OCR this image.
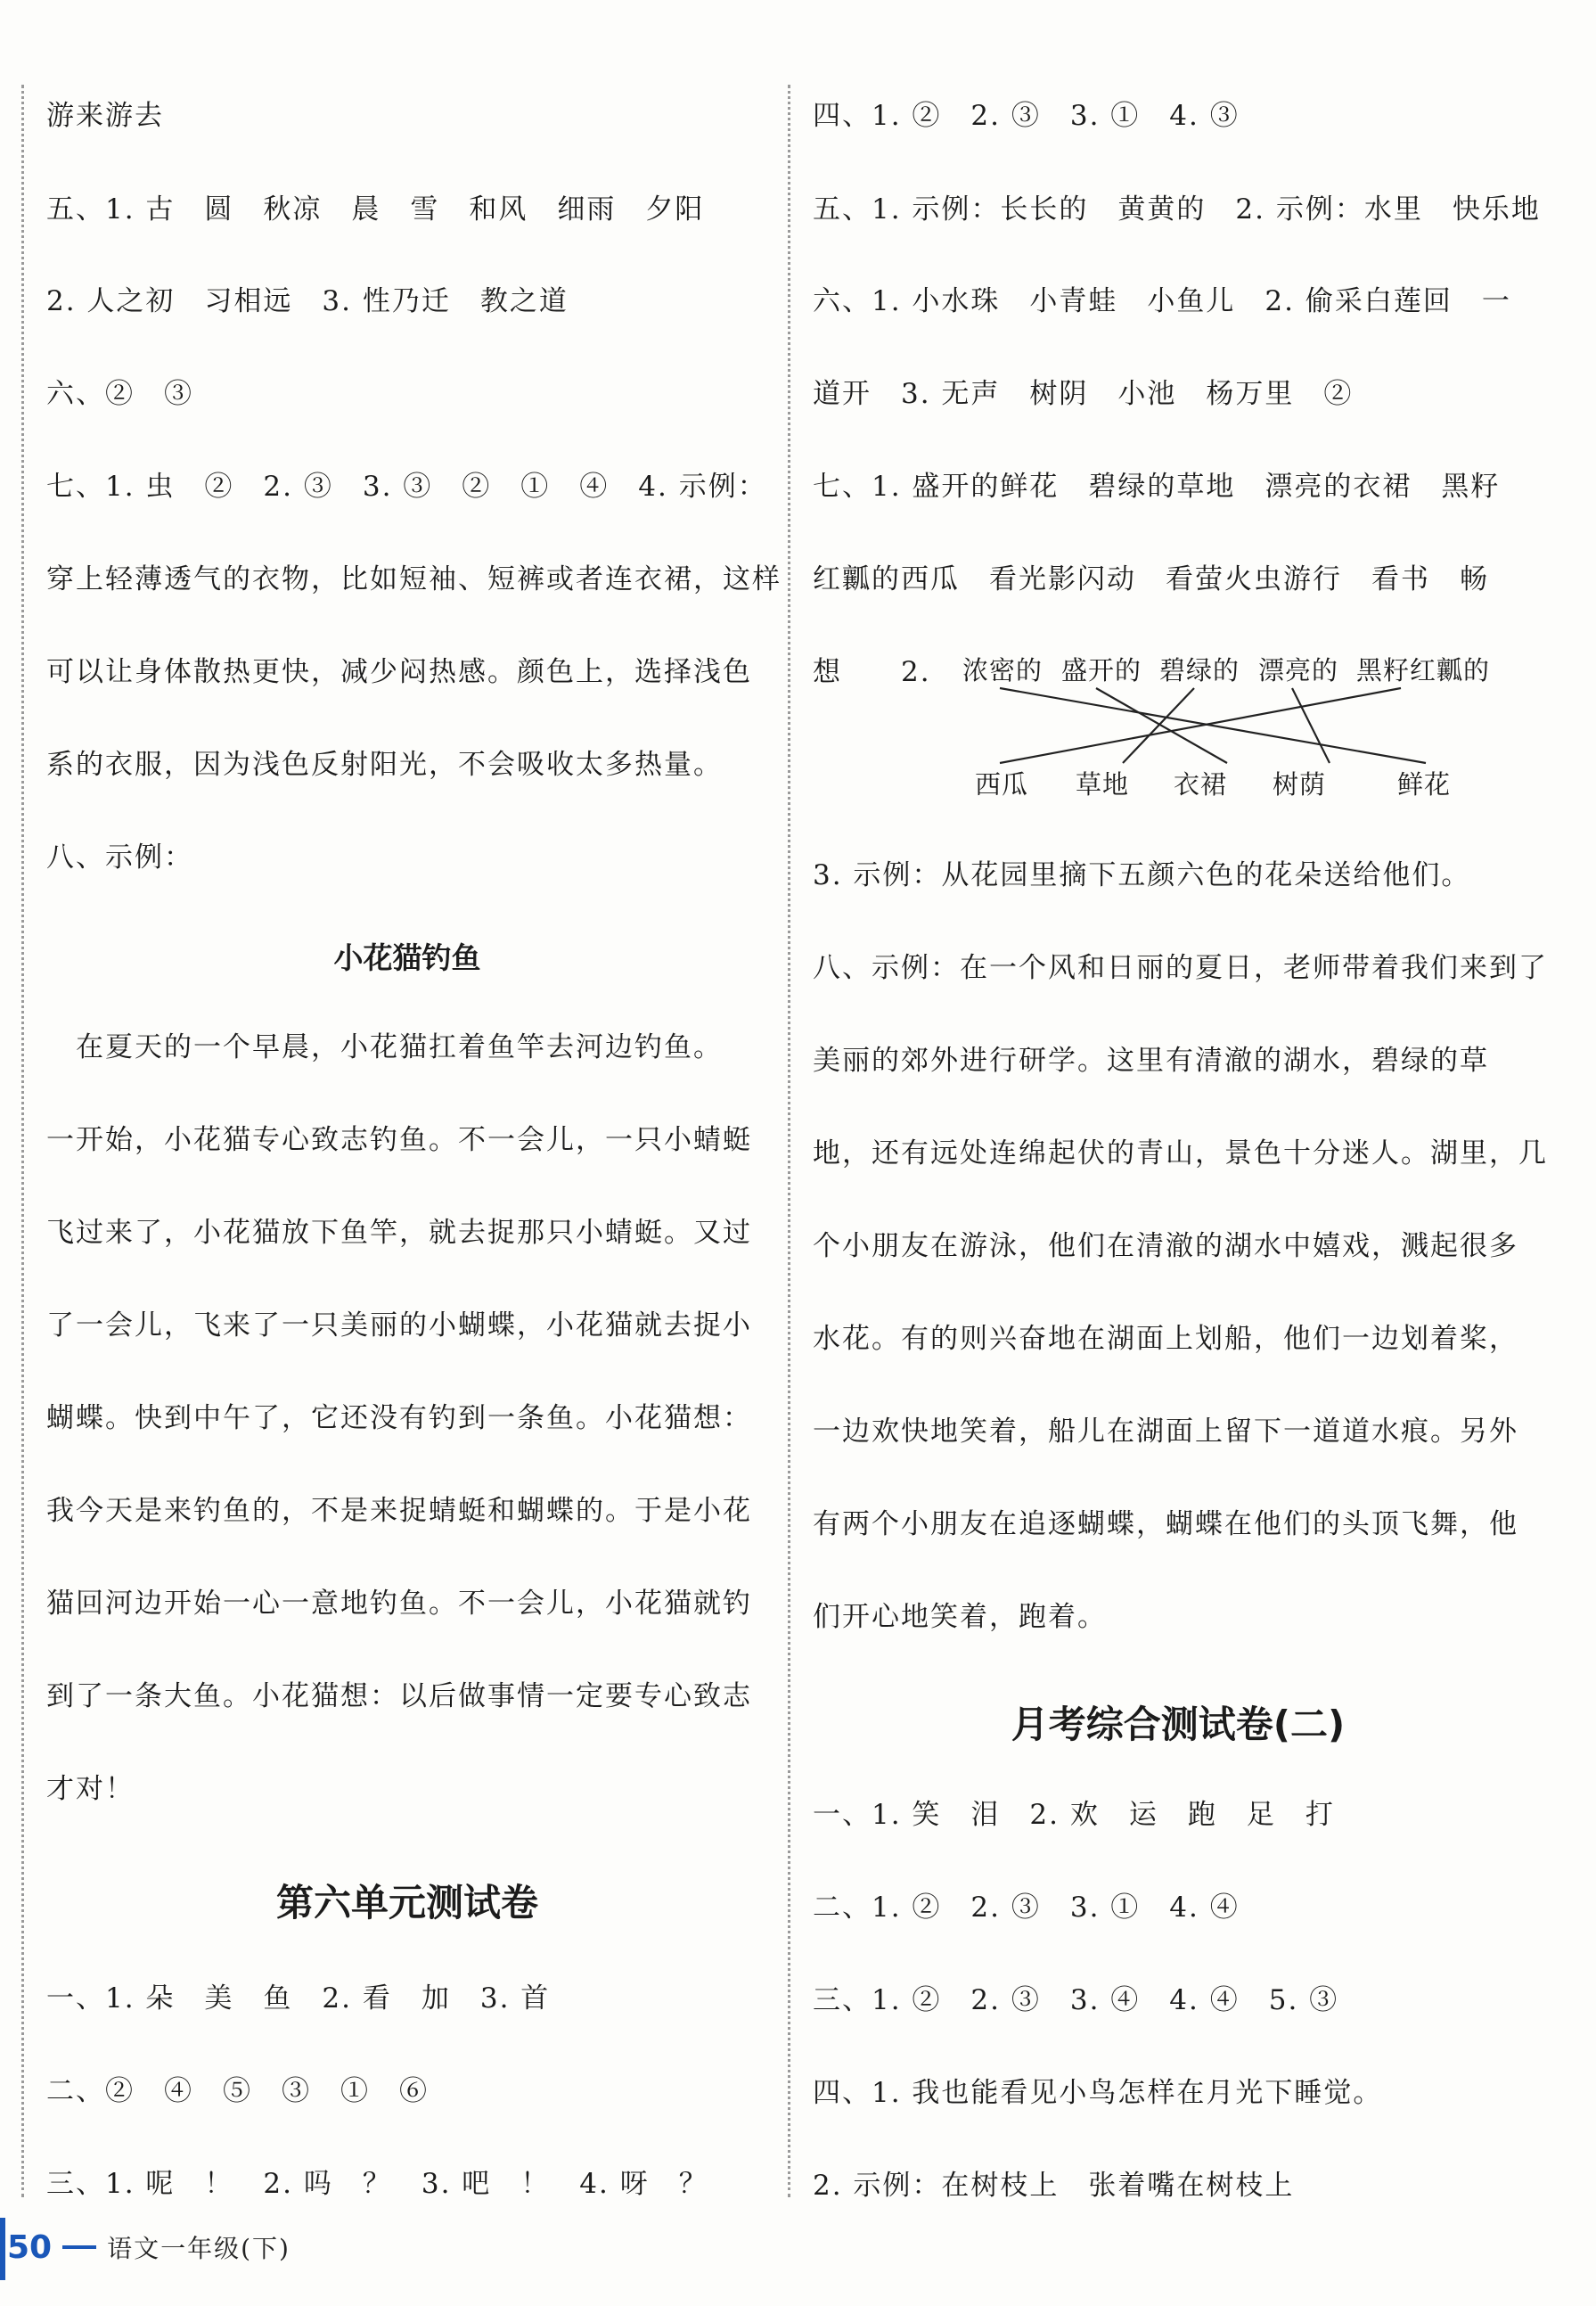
游来游去
五、1. 古　圆　秋凉　晨　雪　和风　细雨　夕阳
2. 人之初　习相远　3. 性乃迁　教之道
六、②　③
七、1. 虫　②　2. ③　3. ③　②　①　④　4. 示例：
穿上轻薄透气的衣物，比如短袖、短裤或者连衣裙，这样
可以让身体散热更快，减少闷热感。颜色上，选择浅色
系的衣服，因为浅色反射阳光，不会吸收太多热量。
八、示例：
小花猫钓鱼
　在夏天的一个早晨，小花猫扛着鱼竿去河边钓鱼。
一开始，小花猫专心致志钓鱼。不一会儿，一只小蜻蜓
飞过来了，小花猫放下鱼竿，就去捉那只小蜻蜓。又过
了一会儿，飞来了一只美丽的小蝴蝶，小花猫就去捉小
蝴蝶。快到中午了，它还没有钓到一条鱼。小花猫想：
我今天是来钓鱼的，不是来捉蜻蜓和蝴蝶的。于是小花
猫回河边开始一心一意地钓鱼。不一会儿，小花猫就钓
到了一条大鱼。小花猫想：以后做事情一定要专心致志
才对！
第六单元测试卷
一、1. 朵　美　鱼　2. 看　加　3. 首
二、②　④　⑤　③　①　⑥
三、1. 呢　！　2. 吗　？　3. 吧　！　4. 呀　？
四、1. ②　2. ③　3. ①　4. ③
五、1. 示例：长长的　黄黄的　2. 示例：水里　快乐地
六、1. 小水珠　小青蛙　小鱼儿　2. 偷采白莲回　一
道开　3. 无声　树阴　小池　杨万里　②
七、1. 盛开的鲜花　碧绿的草地　漂亮的衣裙　黑籽
红瓤的西瓜　看光影闪动　看萤火虫游行　看书　畅
想　　2. 浓密的 盛开的 碧绿的 漂亮的 黑籽红瓤的
西瓜 草地 衣裙 树荫	鲜花
3. 示例：从花园里摘下五颜六色的花朵送给他们。
八、示例：在一个风和日丽的夏日，老师带着我们来到了
美丽的郊外进行研学。这里有清澈的湖水，碧绿的草
地，还有远处连绵起伏的青山，景色十分迷人。湖里，几
个小朋友在游泳，他们在清澈的湖水中嬉戏，溅起很多
水花。有的则兴奋地在湖面上划船，他们一边划着桨，
一边欢快地笑着，船儿在湖面上留下一道道水痕。另外
有两个小朋友在追逐蝴蝶，蝴蝶在他们的头顶飞舞，他
们开心地笑着，跑着。
月考综合测试卷(二)
一、1. 笑　泪　2. 欢　运　跑　足　打
二、1. ②　2. ③　3. ①　4. ④
三、1. ②　2. ③　3. ④　4. ④　5. ③
四、1. 我也能看见小鸟怎样在月光下睡觉。
2. 示例：在树枝上　张着嘴在树枝上
50 语文一年级(下)
